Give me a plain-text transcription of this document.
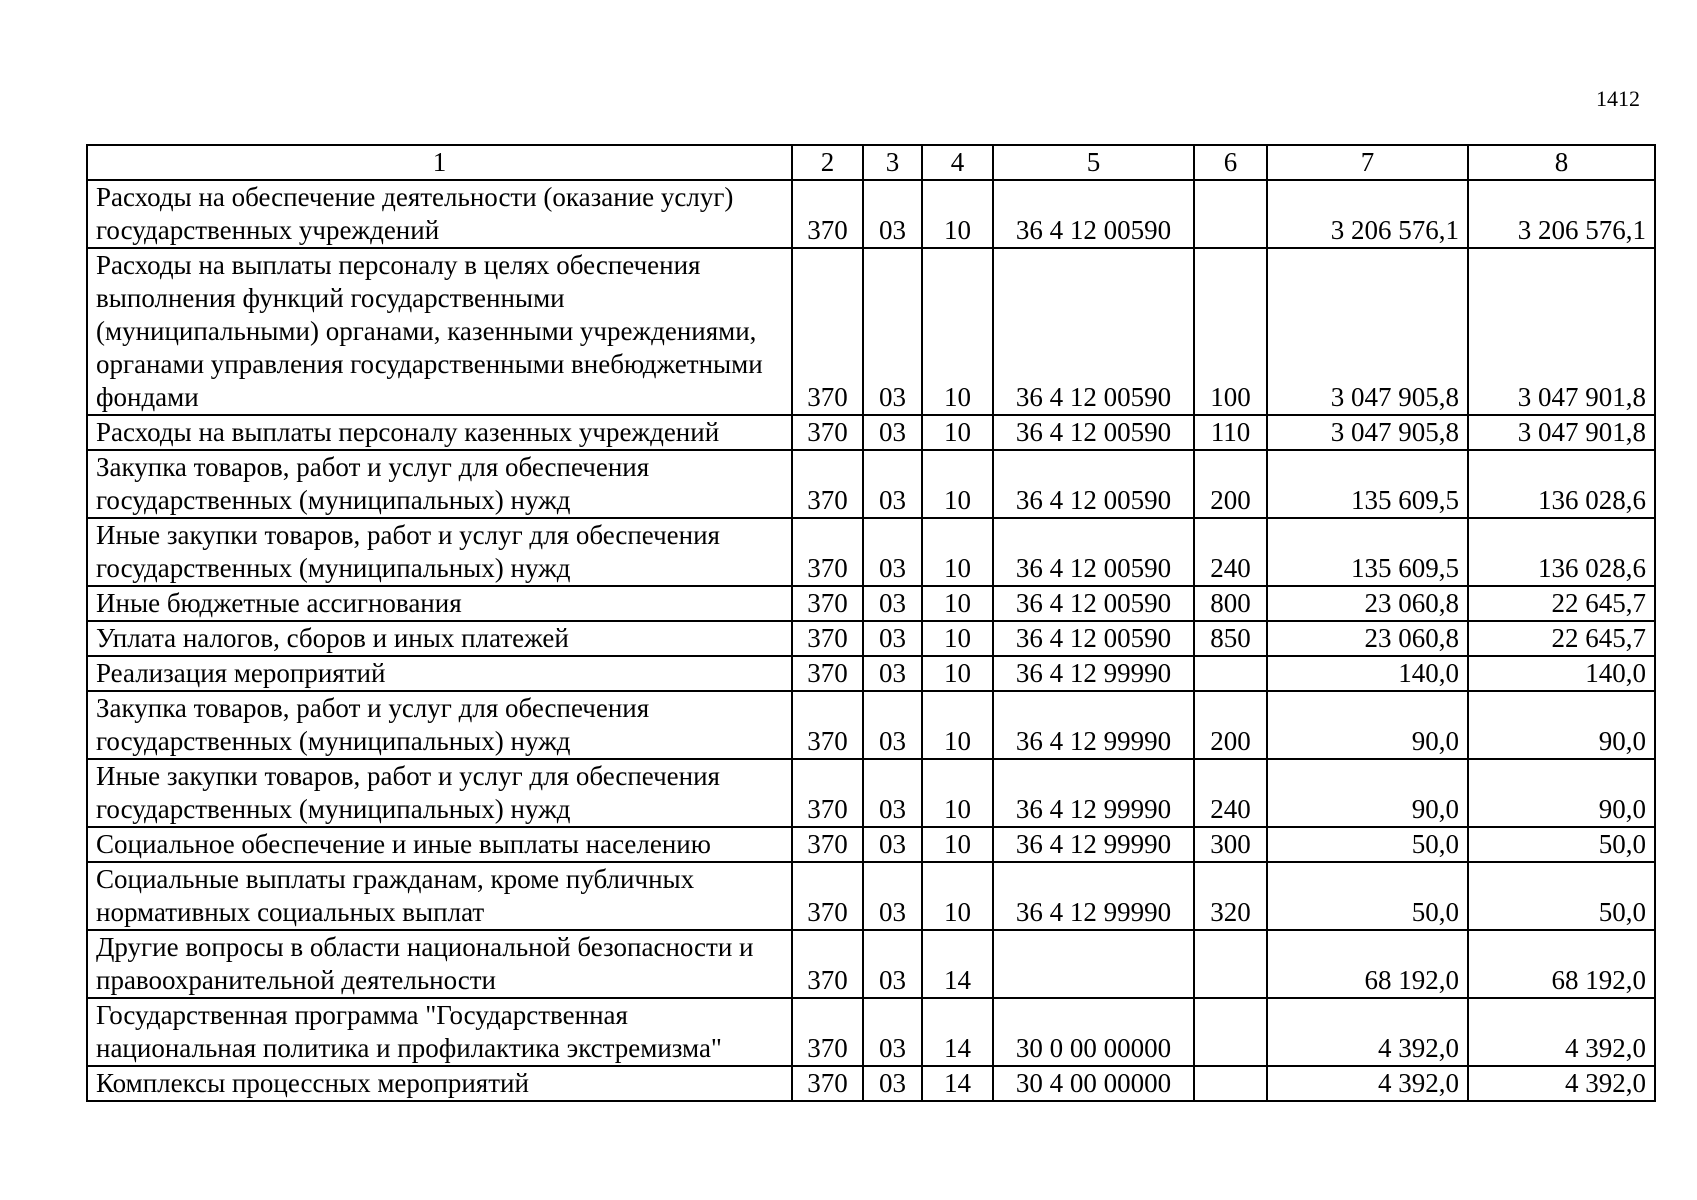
1412
1	2	3	4	5	6	7	8
Расходы на обеспечение деятельности (оказание услуг) государственных учреждений	370	03	10	36 4 12 00590		3 206 576,1	3 206 576,1
Расходы на выплаты персоналу в целях обеспечения выполнения функций государственными (муниципальными) органами, казенными учреждениями, органами управления государственными внебюджетными фондами	370	03	10	36 4 12 00590	100	3 047 905,8	3 047 901,8
Расходы на выплаты персоналу казенных учреждений	370	03	10	36 4 12 00590	110	3 047 905,8	3 047 901,8
Закупка товаров, работ и услуг для обеспечения государственных (муниципальных) нужд	370	03	10	36 4 12 00590	200	135 609,5	136 028,6
Иные закупки товаров, работ и услуг для обеспечения государственных (муниципальных) нужд	370	03	10	36 4 12 00590	240	135 609,5	136 028,6
Иные бюджетные ассигнования	370	03	10	36 4 12 00590	800	23 060,8	22 645,7
Уплата налогов, сборов и иных платежей	370	03	10	36 4 12 00590	850	23 060,8	22 645,7
Реализация мероприятий	370	03	10	36 4 12 99990		140,0	140,0
Закупка товаров, работ и услуг для обеспечения государственных (муниципальных) нужд	370	03	10	36 4 12 99990	200	90,0	90,0
Иные закупки товаров, работ и услуг для обеспечения государственных (муниципальных) нужд	370	03	10	36 4 12 99990	240	90,0	90,0
Социальное обеспечение и иные выплаты населению	370	03	10	36 4 12 99990	300	50,0	50,0
Социальные выплаты гражданам, кроме публичных нормативных социальных выплат	370	03	10	36 4 12 99990	320	50,0	50,0
Другие вопросы в области национальной безопасности и правоохранительной деятельности	370	03	14			68 192,0	68 192,0
Государственная программа "Государственная национальная политика и профилактика экстремизма"	370	03	14	30 0 00 00000		4 392,0	4 392,0
Комплексы процессных мероприятий	370	03	14	30 4 00 00000		4 392,0	4 392,0
